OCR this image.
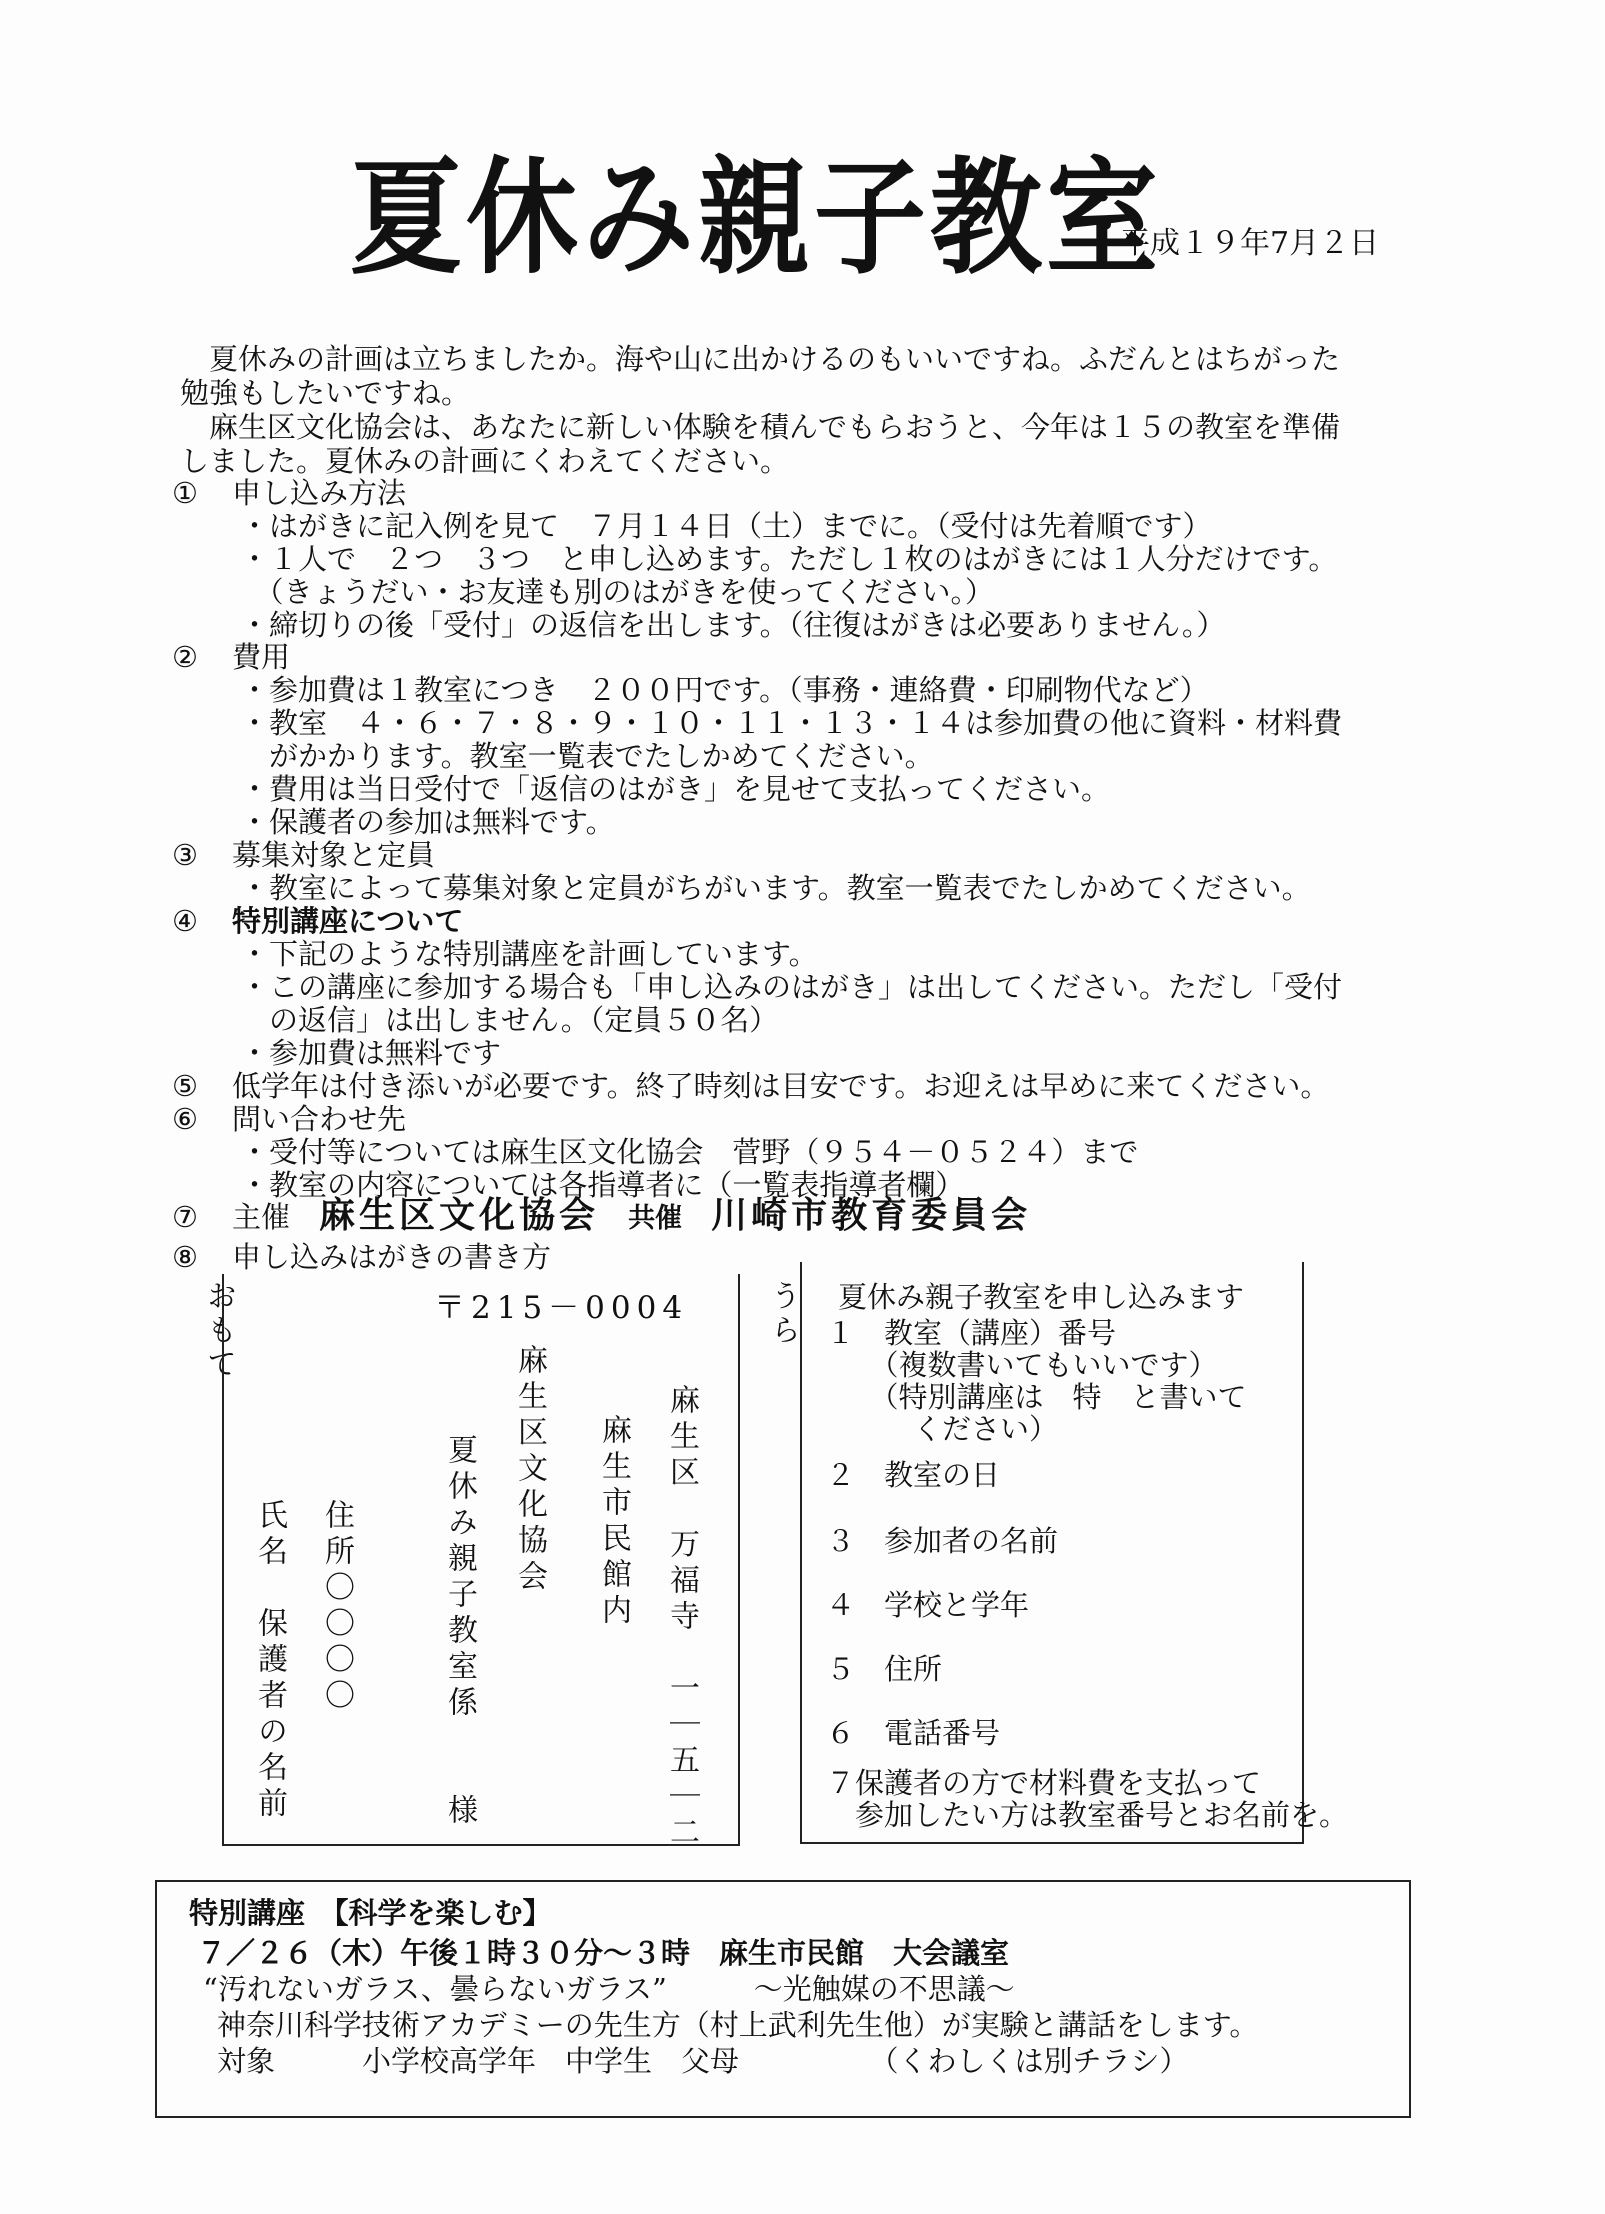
夏休み親子教室
平成１９年7月２日
　夏休みの計画は立ちましたか。海や山に出かけるのもいいですね。ふだんとはちがった
勉強もしたいですね。
　麻生区文化協会は、あなたに新しい体験を積んでもらおうと、今年は１５の教室を準備
しました。夏休みの計画にくわえてください。
① 申し込み方法
・はがきに記入例を見て　７月１４日（土）までに。（受付は先着順です）
・１人で　２つ　３つ　と申し込めます。ただし１枚のはがきには１人分だけです。
　（きょうだい・お友達も別のはがきを使ってください。）
・締切りの後「受付」の返信を出します。（往復はがきは必要ありません。）
② 費用
・参加費は１教室につき　２００円です。（事務・連絡費・印刷物代など）
・教室　４・６・７・８・９・１０・１１・１３・１４は参加費の他に資料・材料費
　がかかります。教室一覧表でたしかめてください。
・費用は当日受付で「返信のはがき」を見せて支払ってください。
・保護者の参加は無料です。
③ 募集対象と定員
・教室によって募集対象と定員がちがいます。教室一覧表でたしかめてください。
④ 特別講座について
・下記のような特別講座を計画しています。
・この講座に参加する場合も「申し込みのはがき」は出してください。ただし「受付
　の返信」は出しません。（定員５０名）
・参加費は無料です
⑤ 低学年は付き添いが必要です。終了時刻は目安です。お迎えは早めに来てください。
⑥ 問い合わせ先
・受付等については麻生区文化協会　菅野（９５４－０５２４）まで
・教室の内容については各指導者に（一覧表指導者欄）
⑦ 主催　 麻生区文化協会　 共催　 川崎市教育委員会
⑧ 申し込みはがきの書き方
おもて	〒215－0004
麻生区　万福寺　一｜五｜二
麻生市民館内
麻生区文化協会
夏休み親子教室係　　様
住所〇〇〇〇
氏名　保護者の名前
うら 夏休み親子教室を申し込みます
１　教室（講座）番号
　　（複数書いてもいいです）
　　（特別講座は　特　と書いて
　　　ください）
２　教室の日
３　参加者の名前
４　学校と学年
５　住所
６　電話番号
７保護者の方で材料費を支払って
　参加したい方は教室番号とお名前を。
特別講座　【科学を楽しむ】
７／２６（木）午後１時３０分～３時　麻生市民館　大会議室
“汚れないガラス、曇らないガラス”　　　～光触媒の不思議～
神奈川科学技術アカデミーの先生方（村上武利先生他）が実験と講話をします。
対象　　　小学校高学年　中学生　父母　　　　　（くわしくは別チラシ）
